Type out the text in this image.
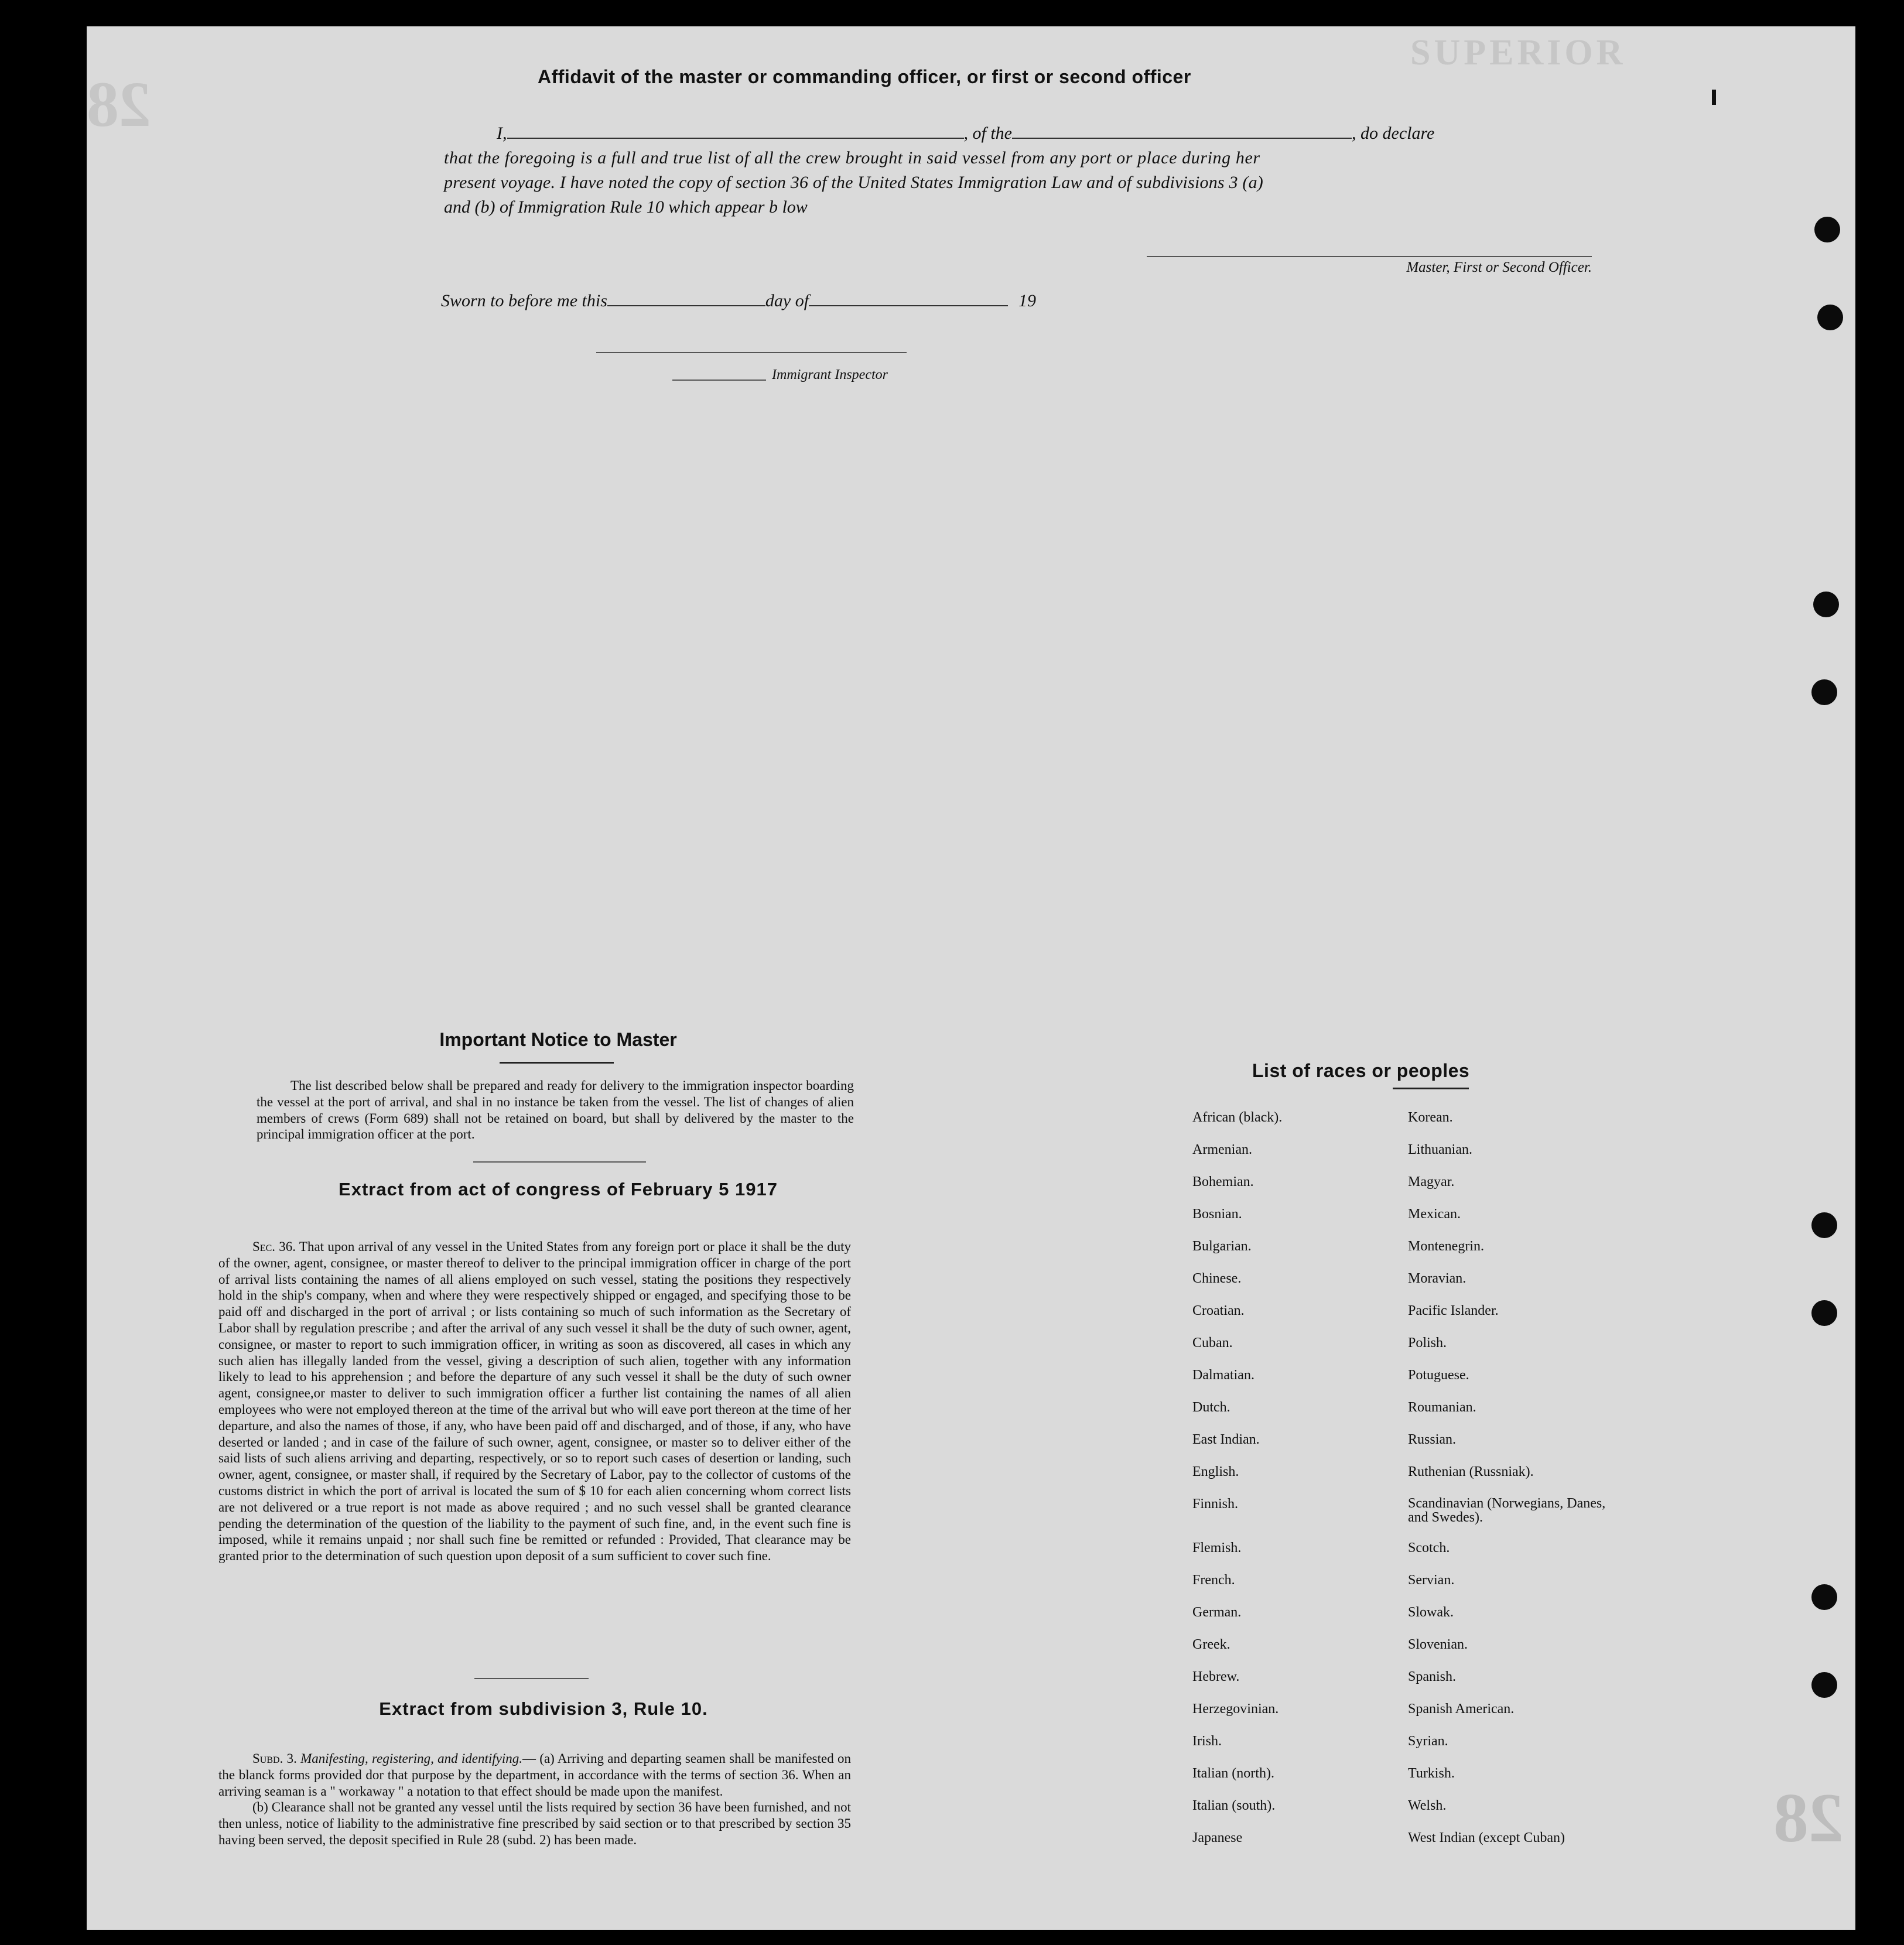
SUPERIOR
28
28
Affidavit of the master or commanding officer, or first or second officer
I,	, of the	, do declare
that the foregoing is a full and true list of all the crew brought in said vessel from any port or place during her
present voyage. I have noted the copy of section 36 of the United States Immigration Law and of subdivisions 3 (a)
and (b) of Immigration Rule 10 which appear b low
Master, First or Second Officer.
Sworn to before me this	day of	19
Immigrant Inspector
Important Notice to Master
The list described below shall be prepared and ready for delivery to the immigration inspector boarding the vessel at the port of arrival, and shal in no instance be taken from the vessel. The list of changes of alien members of crews (Form 689) shall not be retained on board, but shall by delivered by the master to the principal immigration officer at the port.
Extract from act of congress of February 5 1917
Sec. 36. That upon arrival of any vessel in the United States from any foreign port or place it shall be the duty of the owner, agent, consignee, or master thereof to deliver to the principal immigration officer in charge of the port of arrival lists containing the names of all aliens employed on such vessel, stating the positions they respectively hold in the ship's company, when and where they were respectively shipped or engaged, and specifying those to be paid off and discharged in the port of arrival ; or lists containing so much of such information as the Secretary of Labor shall by regulation prescribe ; and after the arrival of any such vessel it shall be the duty of such owner, agent, consignee, or master to report to such immigration officer, in writing as soon as discovered, all cases in which any such alien has illegally landed from the vessel, giving a description of such alien, together with any information likely to lead to his apprehension ; and before the departure of any such vessel it shall be the duty of such owner agent, consignee,or master to deliver to such immigration officer a further list containing the names of all alien employees who were not employed thereon at the time of the arrival but who will eave port thereon at the time of her departure, and also the names of those, if any, who have been paid off and discharged, and of those, if any, who have deserted or landed ; and in case of the failure of such owner, agent, consignee, or master so to deliver either of the said lists of such aliens arriving and departing, respectively, or so to report such cases of desertion or landing, such owner, agent, consignee, or master shall, if required by the Secretary of Labor, pay to the collector of customs of the customs district in which the port of arrival is located the sum of $ 10 for each alien concerning whom correct lists are not delivered or a true report is not made as above required ; and no such vessel shall be granted clearance pending the determination of the question of the liability to the payment of such fine, and, in the event such fine is imposed, while it remains unpaid ; nor shall such fine be remitted or refunded : Provided, That clearance may be granted prior to the determination of such question upon deposit of a sum sufficient to cover such fine.
Extract from subdivision 3, Rule 10.
Subd. 3. Manifesting, registering, and identifying.— (a) Arriving and departing seamen shall be manifested on the blanck forms provided dor that purpose by the department, in accordance with the terms of section 36. When an arriving seaman is a " workaway " a notation to that effect should be made upon the manifest.
(b) Clearance shall not be granted any vessel until the lists required by section 36 have been furnished, and not then unless, notice of liability to the administrative fine prescribed by said section or to that prescribed by section 35 having been served, the deposit specified in Rule 28 (subd. 2) has been made.
List of races or peoples
African (black).
Armenian.
Bohemian.
Bosnian.
Bulgarian.
Chinese.
Croatian.
Cuban.
Dalmatian.
Dutch.
East Indian.
English.
Finnish.
Flemish.
French.
German.
Greek.
Hebrew.
Herzegovinian.
Irish.
Italian (north).
Italian (south).
Japanese
Korean.
Lithuanian.
Magyar.
Mexican.
Montenegrin.
Moravian.
Pacific Islander.
Polish.
Potuguese.
Roumanian.
Russian.
Ruthenian (Russniak).
Scandinavian (Norwegians, Danes, and Swedes).
Scotch.
Servian.
Slowak.
Slovenian.
Spanish.
Spanish American.
Syrian.
Turkish.
Welsh.
West Indian (except Cuban)
